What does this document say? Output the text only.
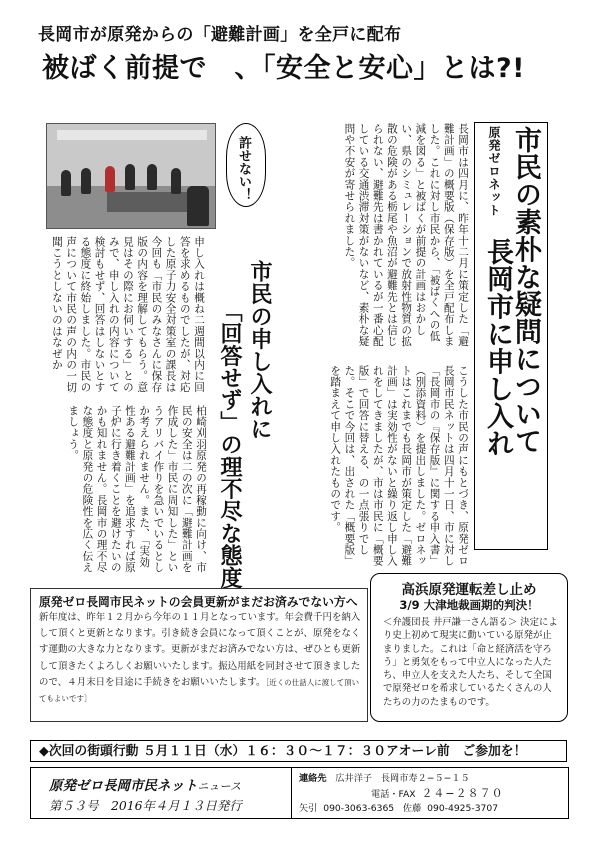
長岡市が原発からの「避難計画」を全戸に配布
被ばく前提で　、「安全と安心」とは?!
許せない！	原発ゼロネット 市民の素朴な疑問について
長岡市に申し入れ
長岡市は四月に、昨年十二月に策定した「避難計画」の概要版（保存版）を全戸配布しました。これに対し市民から、「被ばくへの低減を図る」と被ばくが前提の計画はおかしい、県のシミュレーションで放射性物質の拡散の危険がある栃尾や魚沼が避難先とは信じられない、避難先は書かれているが一番心配している交通渋滞対策がないなど、素朴な疑問や不安が寄せられました。
こうした市民の声にもとづき、原発ゼロ長岡市民ネットは四月十一日、市に対し「長岡市の『保存版』に関する申入書」（別添資料）を提出しました。ゼロネットはこれまでも長岡市が策定した「避難計画」は実効性がないと繰り返し申し入れをしてきましたが、市は市民に「概要版」で回答に替える、の一点張りでした。そこで今回は、出された「概要版」を踏まえて申し入れたものです。
市民の申し入れに
「回答せず」の理不尽な態度
柏崎刈羽原発の再稼動に向け、市民の安全は二の次に「避難計画を作成した」市民に周知した」というアリバイ作りを急いでいるとしか考えられません。また、「実効性ある避難計画」を追求すれば原子炉に行き着くことを避けたいのかも知れません。長岡市の理不尽な態度と原発の危険性を広く伝えましょう。
申し入れは概ね二週間以内に回答を求めるものでしたが、対応した原子力安全対策室の課長は今回も「市民のみなさんに保存版の内容を理解してもらう。意見はその際にお伺いする」とのみで、申し入れの内容について検討もせず、回答はしないとする態度に終始しました。市民の声について市民の声の内の一切聞こうとしないのはなぜか
原発ゼロ長岡市民ネットの会員更新がまだお済みでない方へ
新年度は、昨年１２月から今年の１１月となっています。年会費千円を納入して頂くと更新となります。引き続き会員になって頂くことが、原発をなくす運動の大きな力となります。更新がまだお済みでない方は、ぜひとも更新して頂きたくよろしくお願いいたします。振込用紙を同封させて頂きましたので、４月末日を目途に手続きをお願いいたします。［近くの仕話人に渡して頂いてもよいです］
高浜原発運転差し止め
3/9 大津地裁画期的判決！
＜弁護団長 井戸謙一さん語る＞ 決定により史上初めて現実に動いている原発が止まりました。これは「命と経済活を守ろう」と勇気をもって中立人になった人たち、申立人を支えた人たち、そして全国で原発ゼロを希求しているたくさんの人たちの力のたまものです。
◆次回の街頭行動 ５月１１日（水）１６：３０～１７：３０アオーレ前　ご参加を！
原発ゼロ長岡市民ネットニュース
第５３号　2016年４月１３日発行
連絡先 広井洋子 長岡市寿２−５−１５
電話・FAX ２４−２８７０
矢引 090-3063-6365 佐藤 090-4925-3707
